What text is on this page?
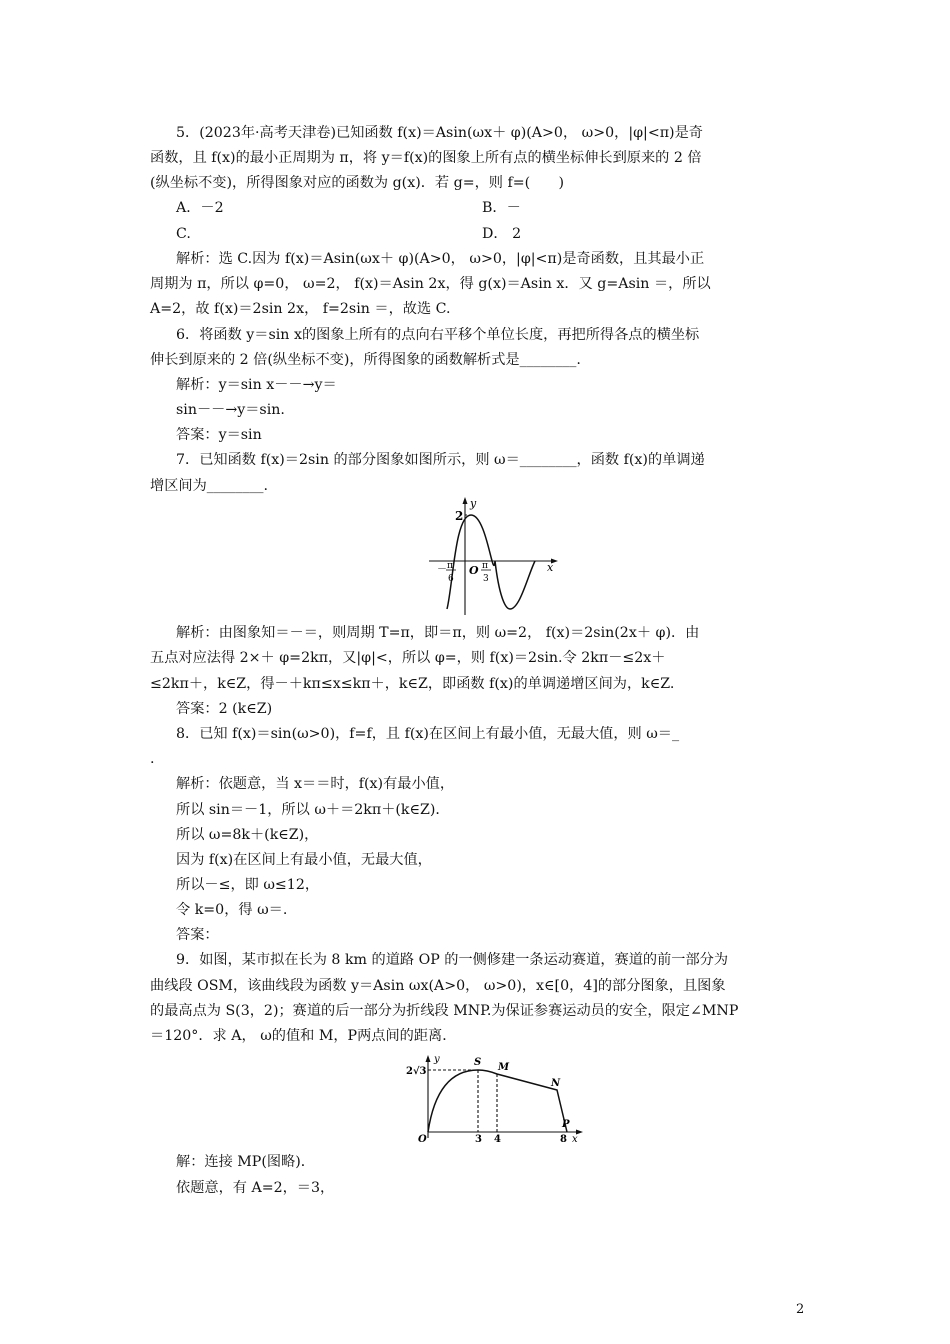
5．(2023年·高考天津卷)已知函数 f(x)＝Asin(ωx＋ φ)(A>0， ω>0，|φ|<π)是奇
函数，且 f(x)的最小正周期为 π，将 y＝f(x)的图象上所有点的横坐标伸长到原来的 2 倍
(纵坐标不变)，所得图象对应的函数为 g(x)．若 g=，则 f=(　　)
A．－2	B．－
C.	D． 2
解析：选 C.因为 f(x)＝Asin(ωx＋ φ)(A>0， ω>0，|φ|<π)是奇函数，且其最小正
周期为 π，所以 φ=0， ω=2， f(x)＝Asin 2x，得 g(x)＝Asin x．又 g=Asin ＝，所以
A=2，故 f(x)＝2sin 2x， f=2sin ＝，故选 C.
6．将函数 y＝sin x的图象上所有的点向右平移个单位长度，再把所得各点的横坐标
伸长到原来的 2 倍(纵坐标不变)，所得图象的函数解析式是________.
解析：y＝sin x－－→y＝
sin－－→y＝sin.
答案：y＝sin
7．已知函数 f(x)＝2sin 的部分图象如图所示，则 ω＝________，函数 f(x)的单调递
增区间为________.
y
2
x
O
－ π
6
π
3
解析：由图象知＝－＝，则周期 T=π，即＝π，则 ω=2， f(x)＝2sin(2x＋ φ)．由
五点对应法得 2×＋ φ=2kπ，又|φ|<，所以 φ=，则 f(x)＝2sin.令 2kπ－≤2x＋
≤2kπ＋，k∈Z，得－＋kπ≤x≤kπ＋，k∈Z，即函数 f(x)的单调递增区间为，k∈Z.
答案：2 (k∈Z)
8．已知 f(x)＝sin(ω>0)，f=f，且 f(x)在区间上有最小值，无最大值，则 ω＝_
.
解析：依题意，当 x＝＝时，f(x)有最小值，
所以 sin＝－1，所以 ω＋＝2kπ＋(k∈Z)．
所以 ω=8k＋(k∈Z)，
因为 f(x)在区间上有最小值，无最大值，
所以－≤，即 ω≤12，
令 k=0，得 ω＝.
答案：
9．如图，某市拟在长为 8 km 的道路 OP 的一侧修建一条运动赛道，赛道的前一部分为
曲线段 OSM，该曲线段为函数 y＝Asin ωx(A>0， ω>0)，x∈[0，4]的部分图象，且图象
的最高点为 S(3，2)；赛道的后一部分为折线段 MNP.为保证参赛运动员的安全，限定∠MNP
＝120°．求 A， ω的值和 M，P两点间的距离．
2√3
y	S M
N
P
O	3 4	8 x
解：连接 MP(图略)．
依题意，有 A=2，＝3，
2
